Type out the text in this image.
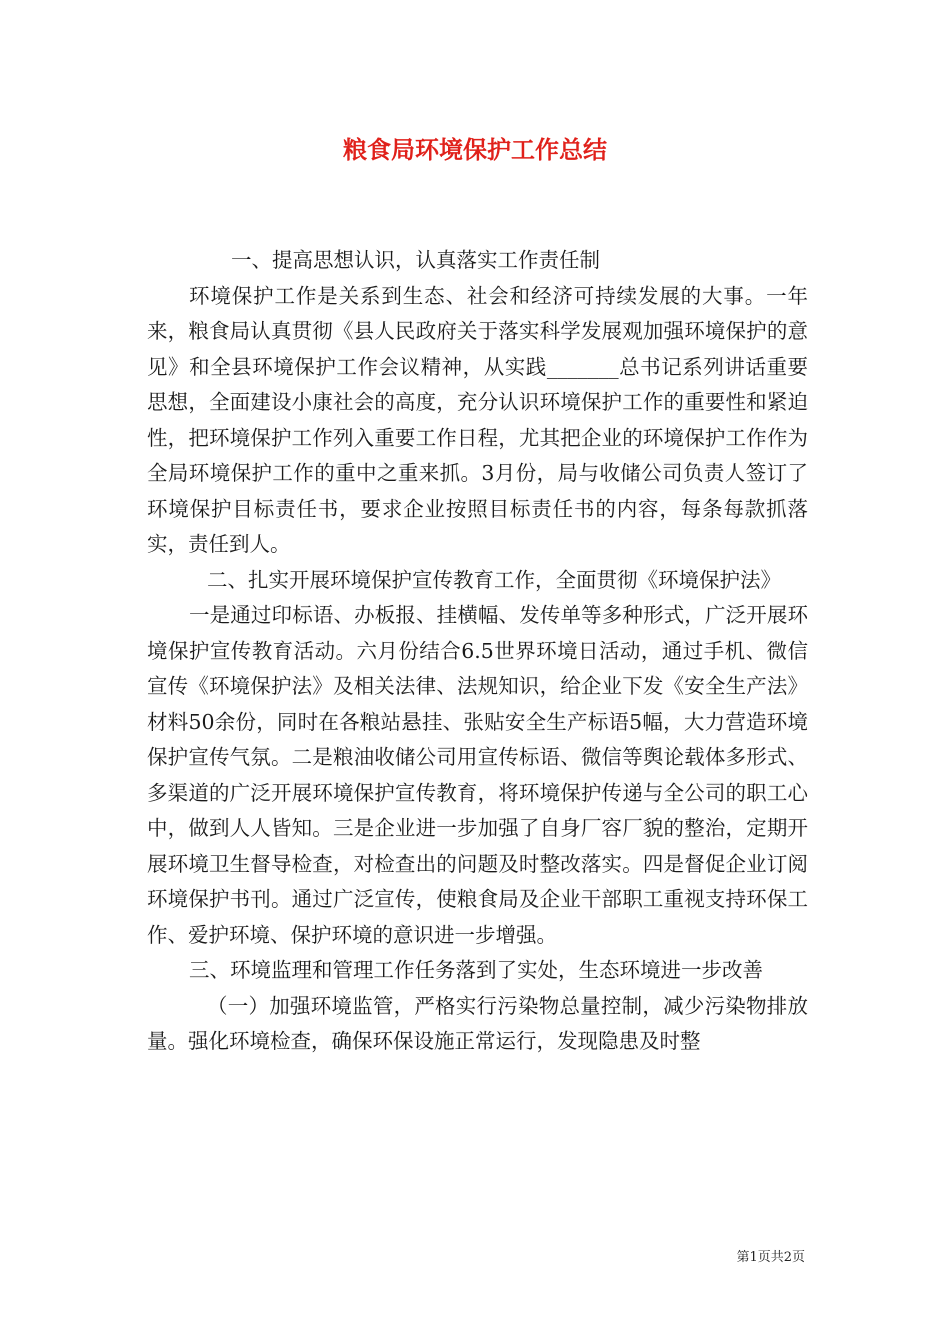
粮食局环境保护工作总结

一、提高思想认识，认真落实工作责任制

环境保护工作是关系到生态、社会和经济可持续发展的大事。一年来，粮食局认真贯彻《县人民政府关于落实科学发展观加强环境保护的意见》和全县环境保护工作会议精神，从实践_______总书记系列讲话重要思想，全面建设小康社会的高度，充分认识环境保护工作的重要性和紧迫性，把环境保护工作列入重要工作日程，尤其把企业的环境保护工作作为全局环境保护工作的重中之重来抓。3月份，局与收储公司负责人签订了环境保护目标责任书，要求企业按照目标责任书的内容，每条每款抓落实，责任到人。

二、扎实开展环境保护宣传教育工作，全面贯彻《环境保护法》

一是通过印标语、办板报、挂横幅、发传单等多种形式，广泛开展环境保护宣传教育活动。六月份结合6.5世界环境日活动，通过手机、微信宣传《环境保护法》及相关法律、法规知识，给企业下发《安全生产法》材料50余份，同时在各粮站悬挂、张贴安全生产标语5幅，大力营造环境保护宣传气氛。二是粮油收储公司用宣传标语、微信等舆论载体多形式、多渠道的广泛开展环境保护宣传教育，将环境保护传递与全公司的职工心中，做到人人皆知。三是企业进一步加强了自身厂容厂貌的整治，定期开展环境卫生督导检查，对检查出的问题及时整改落实。四是督促企业订阅环境保护书刊。通过广泛宣传，使粮食局及企业干部职工重视支持环保工作、爱护环境、保护环境的意识进一步增强。

三、环境监理和管理工作任务落到了实处，生态环境进一步改善

（一）加强环境监管，严格实行污染物总量控制，减少污染物排放量。强化环境检查，确保环保设施正常运行，发现隐患及时整

第1页共2页
